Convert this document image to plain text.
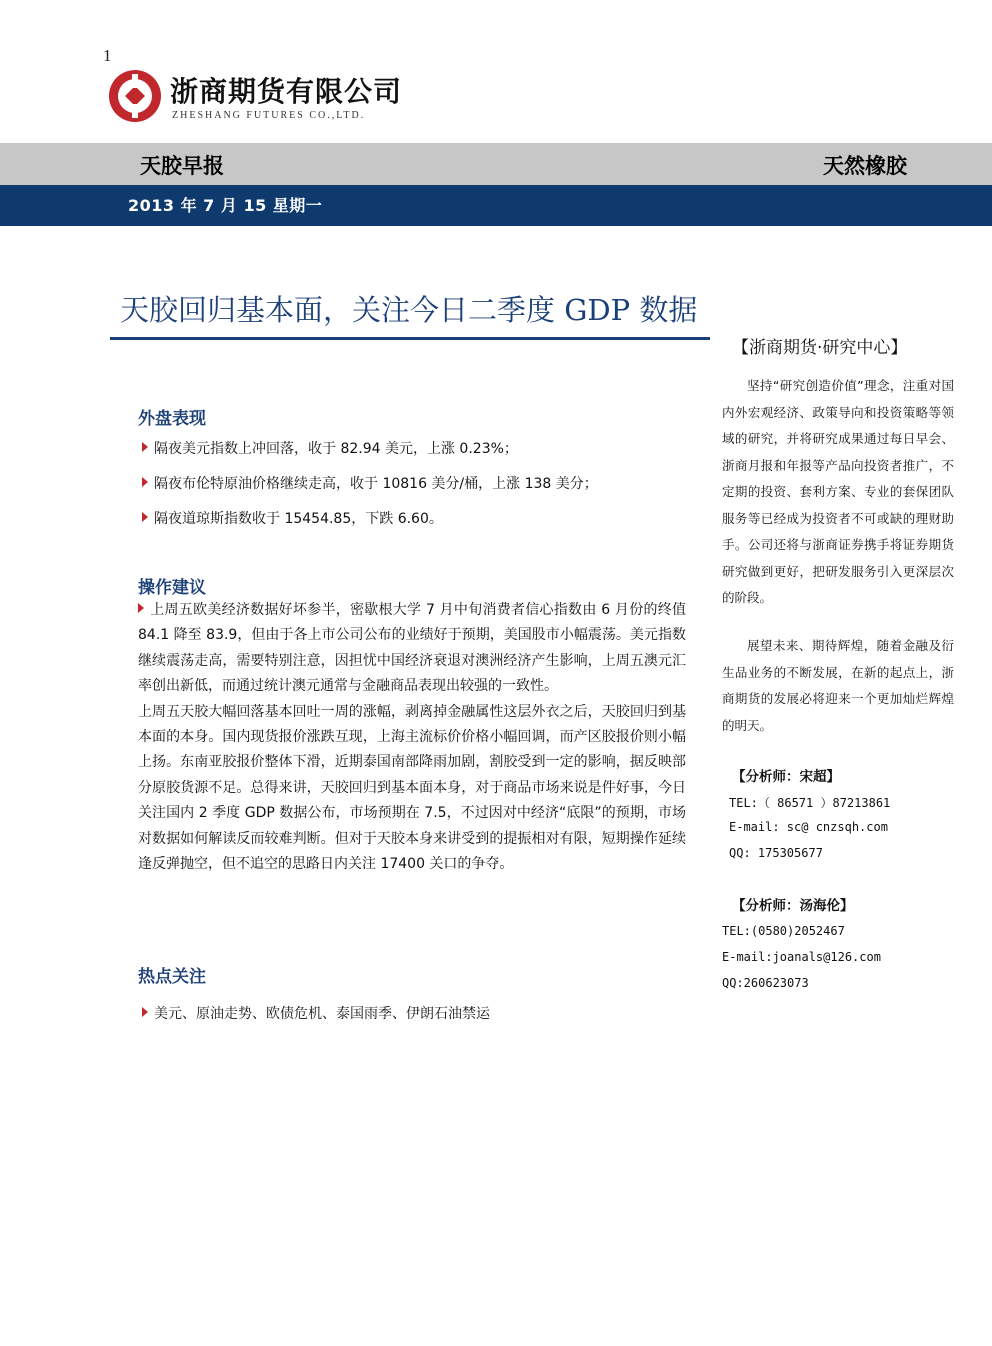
1
浙商期货有限公司
ZHESHANG FUTURES CO.,LTD.
天胶早报	天然橡胶
2013 年 7 月 15 星期一
天胶回归基本面，关注今日二季度 GDP 数据
外盘表现
隔夜美元指数上冲回落，收于 82.94 美元，上涨 0.23%；
隔夜布伦特原油价格继续走高，收于 10816 美分/桶，上涨 138 美分；
隔夜道琼斯指数收于 15454.85，下跌 6.60。
操作建议

上周五欧美经济数据好坏参半，密歇根大学 7 月中旬消费者信心指数由 6 月份的终值 84.1 降至 83.9，但由于各上市公司公布的业绩好于预期，美国股市小幅震荡。美元指数继续震荡走高，需要特别注意，因担忧中国经济衰退对澳洲经济产生影响，上周五澳元汇率创出新低，而通过统计澳元通常与金融商品表现出较强的一致性。

上周五天胶大幅回落基本回吐一周的涨幅，剥离掉金融属性这层外衣之后，天胶回归到基本面的本身。国内现货报价涨跌互现，上海主流标价价格小幅回调，而产区胶报价则小幅上扬。东南亚胶报价整体下滑，近期泰国南部降雨加剧，割胶受到一定的影响，据反映部分原胶货源不足。总得来讲，天胶回归到基本面本身，对于商品市场来说是件好事，今日关注国内 2 季度 GDP 数据公布，市场预期在 7.5，不过因对中经济“底限”的预期，市场对数据如何解读反而较难判断。但对于天胶本身来讲受到的提振相对有限，短期操作延续逢反弹抛空，但不追空的思路日内关注 17400 关口的争夺。

热点关注
美元、原油走势、欧债危机、泰国雨季、伊朗石油禁运
【浙商期货·研究中心】
坚持“研究创造价值”理念，注重对国内外宏观经济、政策导向和投资策略等领域的研究，并将研究成果通过每日早会、浙商月报和年报等产品向投资者推广，不定期的投资、套利方案、专业的套保团队服务等已经成为投资者不可或缺的理财助手。公司还将与浙商证券携手将证券期货研究做到更好，把研发服务引入更深层次的阶段。
展望未来、期待辉煌，随着金融及衍生品业务的不断发展，在新的起点上，浙商期货的发展必将迎来一个更加灿烂辉煌的明天。
【分析师：宋超】
TEL:（ 86571 ）87213861
E-mail: sc@ cnzsqh.com
QQ: 175305677
【分析师：汤海伦】
TEL:(0580)2052467
E-mail:joanals@126.com
QQ:260623073
